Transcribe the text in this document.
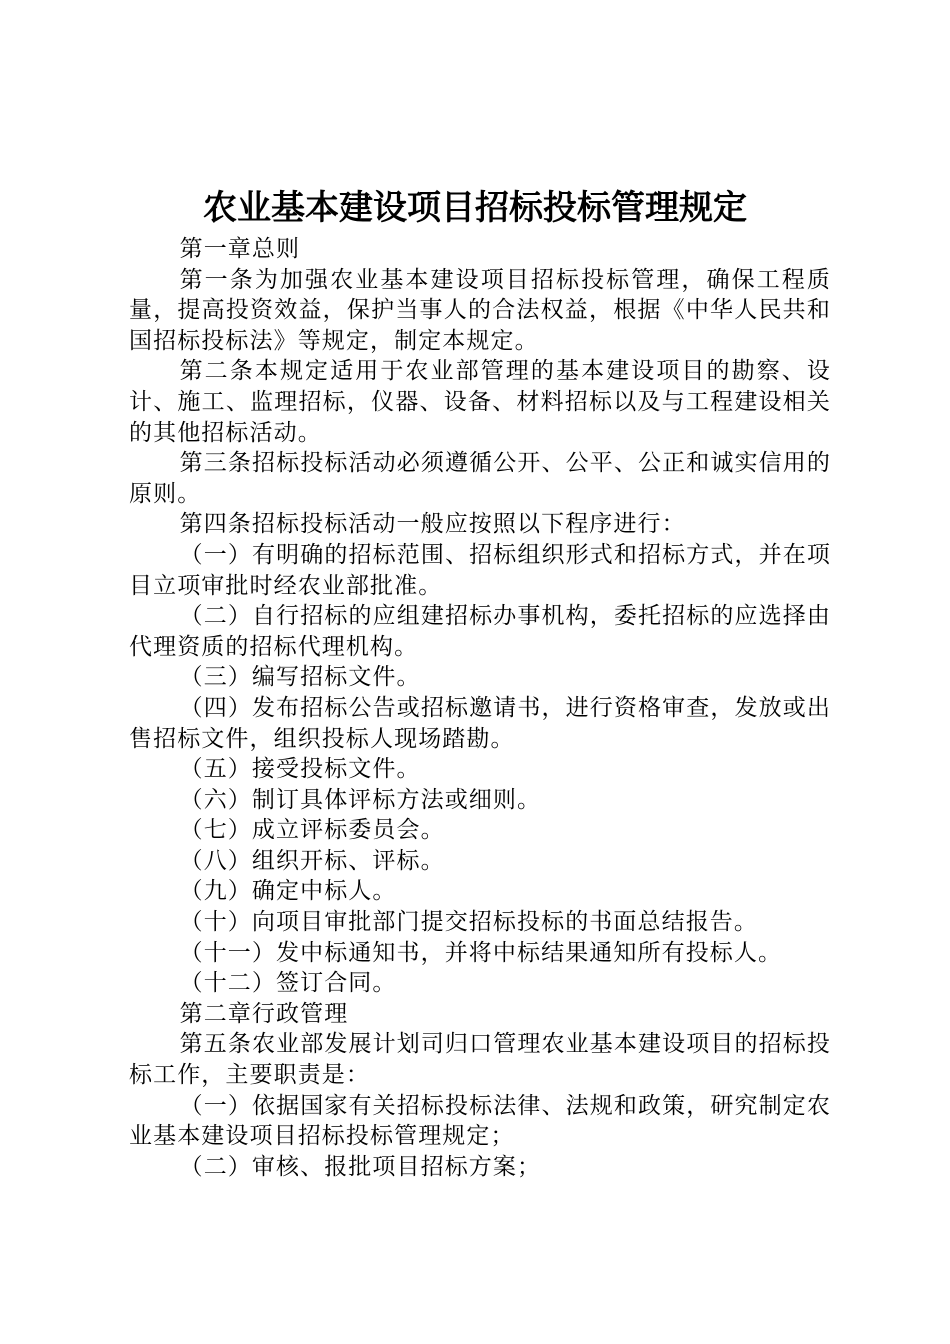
农业基本建设项目招标投标管理规定

第一章总则

第一条为加强农业基本建设项目招标投标管理，确保工程质量，提高投资效益，保护当事人的合法权益，根据《中华人民共和国招标投标法》等规定，制定本规定。

第二条本规定适用于农业部管理的基本建设项目的勘察、设计、施工、监理招标，仪器、设备、材料招标以及与工程建设相关的其他招标活动。

第三条招标投标活动必须遵循公开、公平、公正和诚实信用的原则。

第四条招标投标活动一般应按照以下程序进行：

（一）有明确的招标范围、招标组织形式和招标方式，并在项目立项审批时经农业部批准。

（二）自行招标的应组建招标办事机构，委托招标的应选择由代理资质的招标代理机构。

（三）编写招标文件。

（四）发布招标公告或招标邀请书，进行资格审查，发放或出售招标文件，组织投标人现场踏勘。

（五）接受投标文件。

（六）制订具体评标方法或细则。

（七）成立评标委员会。

（八）组织开标、评标。

（九）确定中标人。

（十）向项目审批部门提交招标投标的书面总结报告。

（十一）发中标通知书，并将中标结果通知所有投标人。

（十二）签订合同。

第二章行政管理

第五条农业部发展计划司归口管理农业基本建设项目的招标投标工作，主要职责是：

（一）依据国家有关招标投标法律、法规和政策，研究制定农业基本建设项目招标投标管理规定；

（二）审核、报批项目招标方案；
